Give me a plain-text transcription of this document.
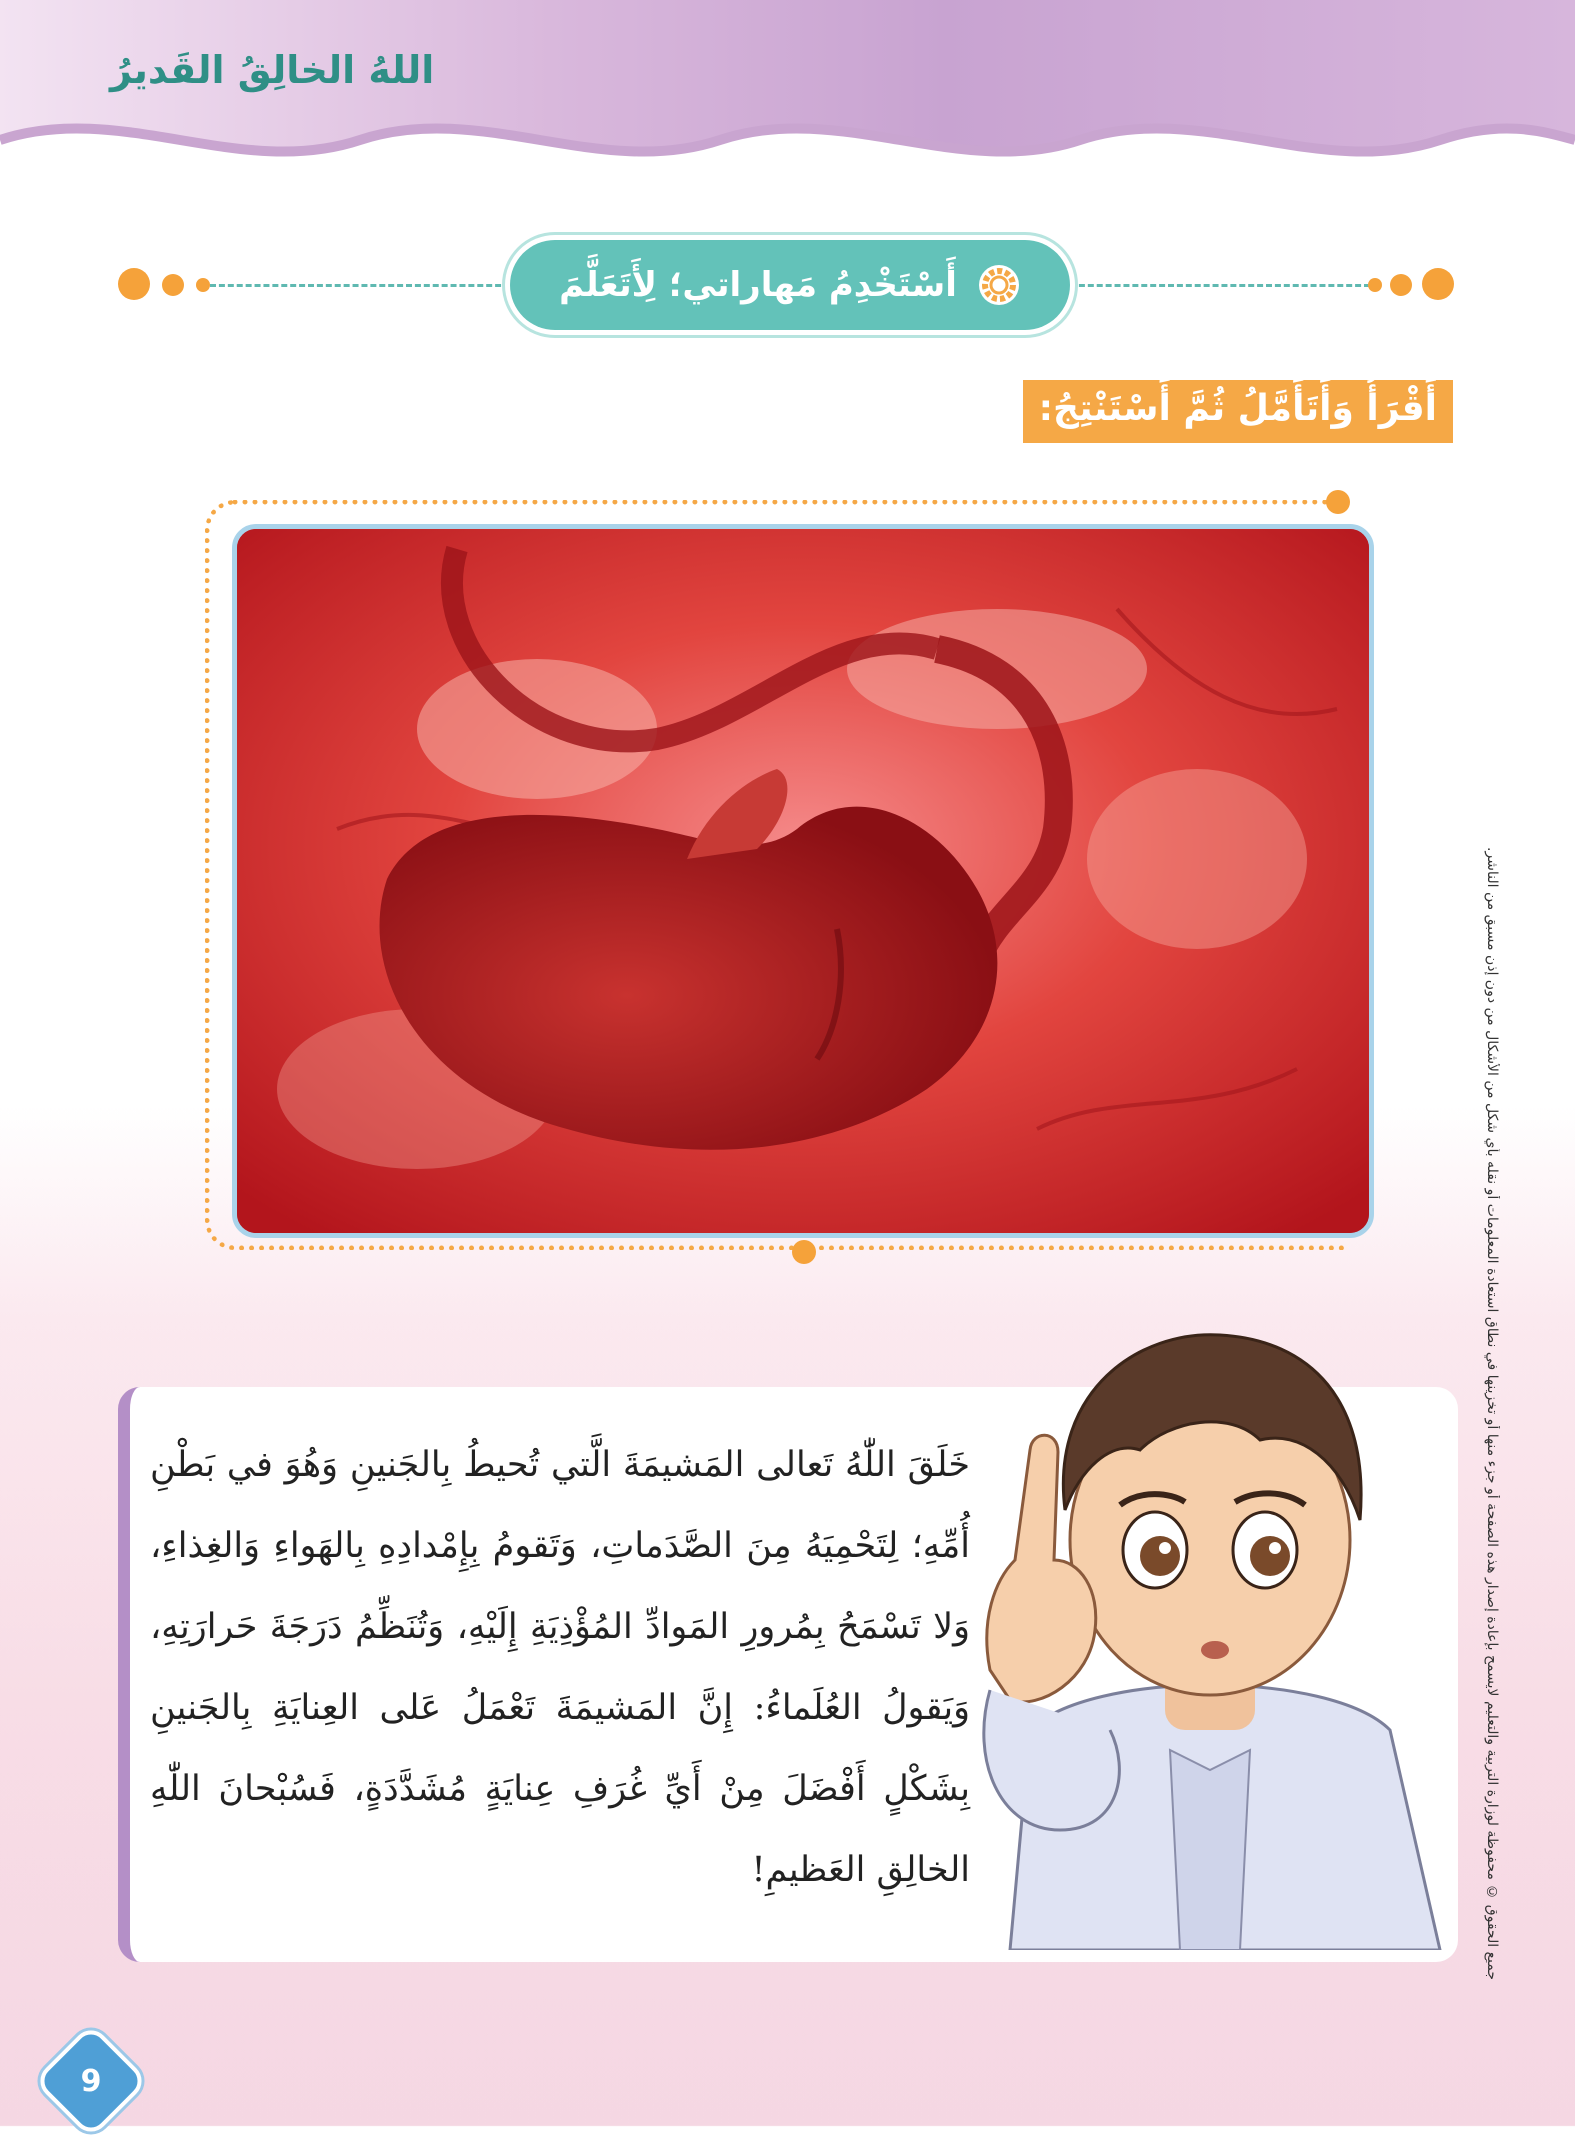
اللهُ الخالِقُ القَديرُ
أَسْتَخْدِمُ مَهاراتي؛ لِأَتَعَلَّمَ
أَقْرَأُ وَأَتَأَمَّلُ ثُمَّ أَسْتَنْتِجُ:
خَلَقَ اللّٰهُ تَعالى المَشيمَةَ الَّتي تُحيطُ بِالجَنينِ وَهُوَ في بَطْنِ أُمِّهِ؛ لِتَحْمِيَهُ مِنَ الصَّدَماتِ، وَتَقومُ بِإِمْدادِهِ بِالهَواءِ وَالغِذاءِ، وَلا تَسْمَحُ بِمُرورِ المَوادِّ المُؤْذِيَةِ إِلَيْهِ، وَتُنَظِّمُ دَرَجَةَ حَرارَتِهِ، وَيَقولُ العُلَماءُ: إِنَّ المَشيمَةَ تَعْمَلُ عَلى العِنايَةِ بِالجَنينِ بِشَكْلٍ أَفْضَلَ مِنْ أَيِّ غُرَفِ عِنايَةٍ مُشَدَّدَةٍ، فَسُبْحانَ اللّٰهِ الخالِقِ العَظيمِ!	جميع الحقوق © محفوظة لوزارة التربية والتعليم لايسمح بإعادة إصدار هذه الصفحة أو جزء منها أو تخزينها في نطاق استعادة المعلومات أو نقله بأي شكل من الأشكال من دون إذن مسبق من الناشر.
9
